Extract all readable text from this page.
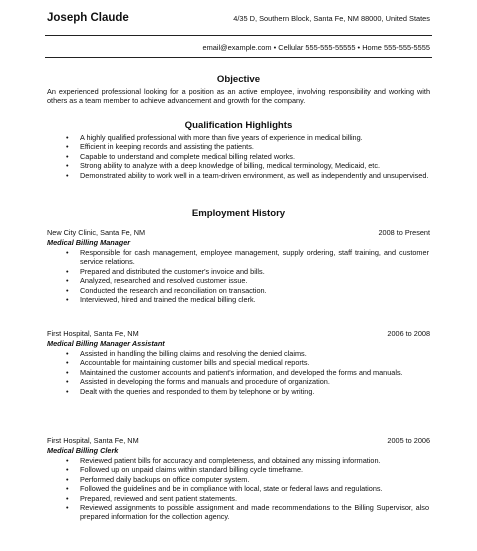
Joseph Claude	4/35 D, Southern Block, Santa Fe, NM 88000, United States
email@example.com • Cellular 555-555-55555 • Home 555-555-5555
Objective
An experienced professional looking for a position as an active employee, involving responsibility and working with others as a team member to achieve advancement and growth for the company.
Qualification Highlights
• A highly qualified professional with more than five years of experience in medical billing.
• Efficient in keeping records and assisting the patients.
• Capable to understand and complete medical billing related works.
• Strong ability to analyze with a deep knowledge of billing, medical terminology, Medicaid, etc.
• Demonstrated ability to work well in a team-driven environment, as well as independently and unsupervised.
Employment History
New City Clinic, Santa Fe, NM	2008 to Present
Medical Billing Manager
• Responsible for cash management, employee management, supply ordering, staff training, and customer service relations.
• Prepared and distributed the customer's invoice and bills.
• Analyzed, researched and resolved customer issue.
• Conducted the research and reconciliation on transaction.
• Interviewed, hired and trained the medical billing clerk.
First Hospital, Santa Fe, NM	2006 to 2008
Medical Billing Manager Assistant
• Assisted in handling the billing claims and resolving the denied claims.
• Accountable for maintaining customer bills and special medical reports.
• Maintained the customer accounts and patient's information, and developed the forms and manuals.
• Assisted in developing the forms and manuals and procedure of organization.
• Dealt with the queries and responded to them by telephone or by writing.
First Hospital, Santa Fe, NM	2005 to 2006
Medical Billing Clerk
• Reviewed patient bills for accuracy and completeness, and obtained any missing information.
• Followed up on unpaid claims within standard billing cycle timeframe.
• Performed daily backups on office computer system.
• Followed the guidelines and be in compliance with local, state or federal laws and regulations.
• Prepared, reviewed and sent patient statements.
• Reviewed assignments to possible assignment and made recommendations to the Billing Supervisor, also prepared information for the collection agency.
